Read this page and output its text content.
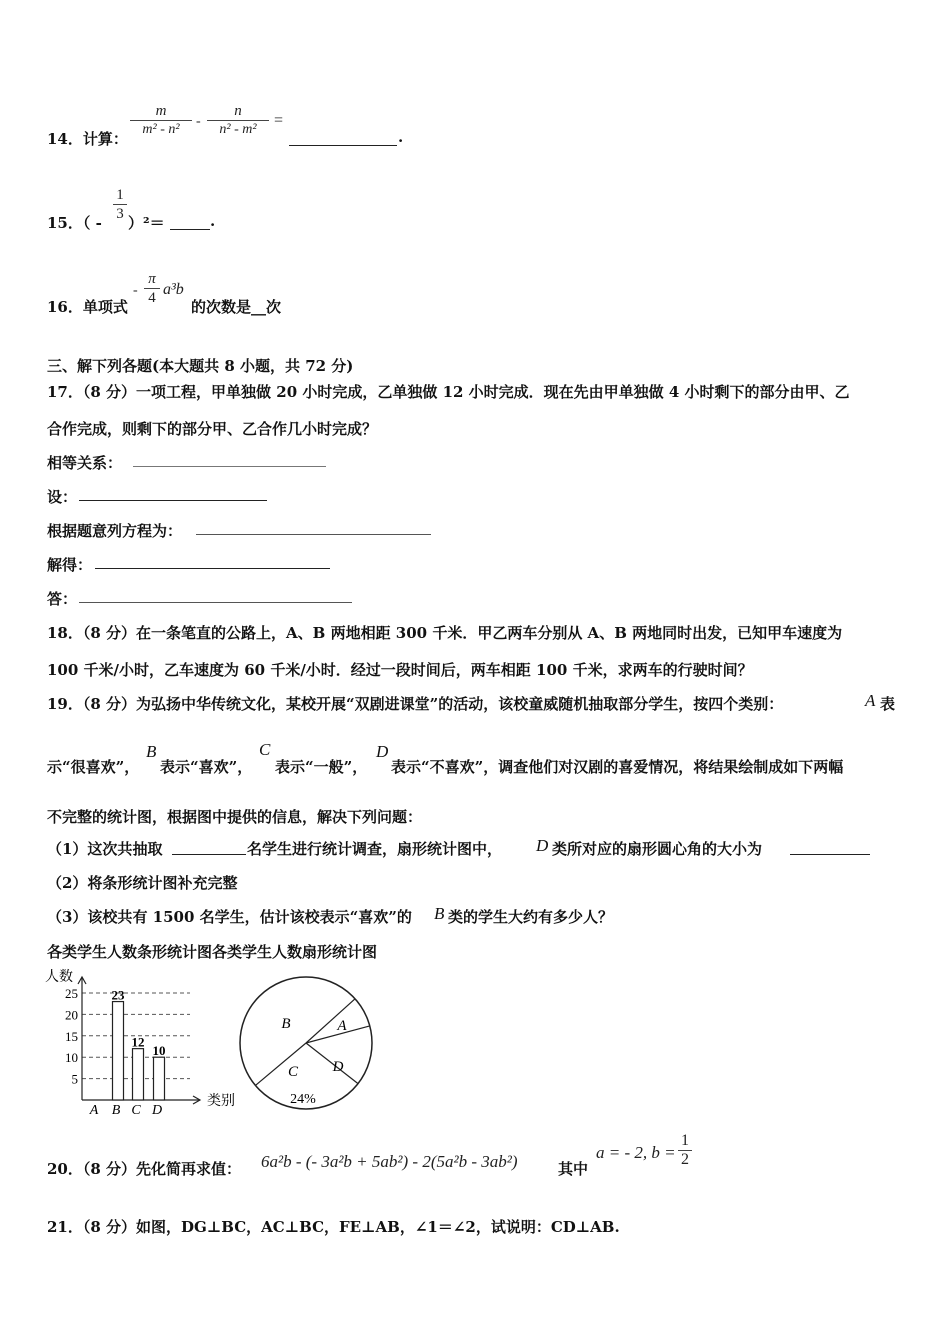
14．计算：
m
m² - n²
-
n
n² - m²
=
.
15．（ -
1
3 ）²＝	.
16．单项式
-
π
4 a³b
的次数是__次
三、解下列各题(本大题共 8 小题，共 72 分)
17．（8 分）一项工程，甲单独做 20 小时完成，乙单独做 12 小时完成．现在先由甲单独做 4 小时剩下的部分由甲、乙
合作完成，则剩下的部分甲、乙合作几小时完成？
相等关系：
设：
根据题意列方程为：
解得：
答：
18．（8 分）在一条笔直的公路上，A、B 两地相距 300 千米．甲乙两车分别从 A、B 两地同时出发，已知甲车速度为
100 千米/小时，乙车速度为 60 千米/小时．经过一段时间后，两车相距 100 千米，求两车的行驶时间？
19．（8 分）为弘扬中华传统文化，某校开展“双剧进课堂”的活动，该校童威随机抽取部分学生，按四个类别：	A 表
示“很喜欢”，
B
表示“喜欢”，
C
表示“一般”，
D
表示“不喜欢”，调查他们对汉剧的喜爱情况，将结果绘制成如下两幅
不完整的统计图，根据图中提供的信息，解决下列问题：
（1）这次共抽取	名学生进行统计调查，扇形统计图中， D 类所对应的扇形圆心角的大小为
（2）将条形统计图补充完整
（3）该校共有 1500 名学生，估计该校表示“喜欢”的 B 类的学生大约有多少人？
各类学生人数条形统计图各类学生人数扇形统计图
人数
类别
5
10
15
20
25
A
23
B
12
C
10
D
A
B
C
24%
D
20．（8 分）先化简再求值： 6a²b - (- 3a²b + 5ab²) - 2(5a²b - 3ab²)	其中
a = - 2, b =
1
2
21．（8 分）如图，DG⊥BC，AC⊥BC，FE⊥AB，∠1＝∠2，试说明：CD⊥AB.
